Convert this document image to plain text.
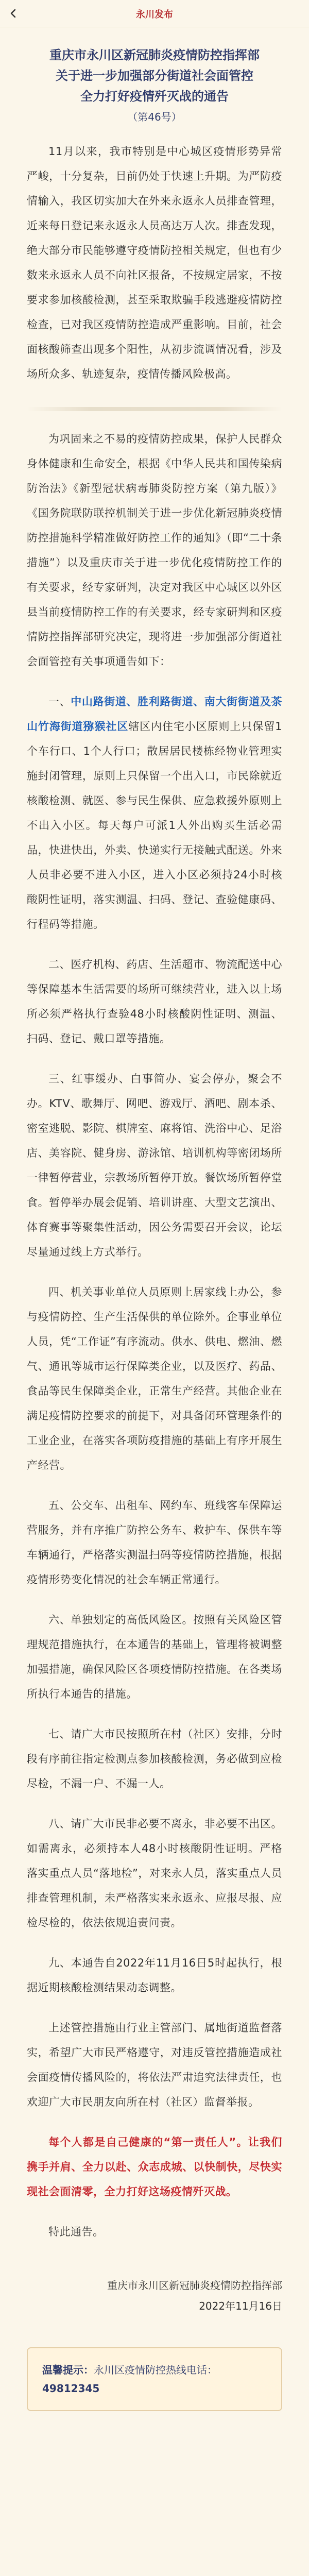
永川发布
重庆市永川区新冠肺炎疫情防控指挥部
关于进一步加强部分街道社会面管控
全力打好疫情歼灭战的通告
（第46号）

11月以来，我市特别是中心城区疫情形势异常严峻，十分复杂，目前仍处于快速上升期。为严防疫情输入，我区切实加大在外来永返永人员排查管理，近来每日登记来永返永人员高达万人次。排查发现，绝大部分市民能够遵守疫情防控相关规定，但也有少数来永返永人员不向社区报备，不按规定居家，不按要求参加核酸检测，甚至采取欺骗手段逃避疫情防控检查，已对我区疫情防控造成严重影响。目前，社会面核酸筛查出现多个阳性，从初步流调情况看，涉及场所众多、轨迹复杂，疫情传播风险极高。

为巩固来之不易的疫情防控成果，保护人民群众身体健康和生命安全，根据《中华人民共和国传染病防治法》《新型冠状病毒肺炎防控方案（第九版）》《国务院联防联控机制关于进一步优化新冠肺炎疫情防控措施科学精准做好防控工作的通知》（即“二十条措施”）以及重庆市关于进一步优化疫情防控工作的有关要求，经专家研判，决定对我区中心城区以外区县当前疫情防控工作的有关要求，经专家研判和区疫情防控指挥部研究决定，现将进一步加强部分街道社会面管控有关事项通告如下：

一、中山路街道、胜利路街道、南大街街道及茶山竹海街道猕猴社区辖区内住宅小区原则上只保留1个车行口、1个人行口；散居居民楼栋经物业管理实施封闭管理，原则上只保留一个出入口，市民除就近核酸检测、就医、参与民生保供、应急救援外原则上不出入小区。每天每户可派1人外出购买生活必需品，快进快出，外卖、快递实行无接触式配送。外来人员非必要不进入小区，进入小区必须持24小时核酸阴性证明，落实测温、扫码、登记、查验健康码、行程码等措施。

二、医疗机构、药店、生活超市、物流配送中心等保障基本生活需要的场所可继续营业，进入以上场所必须严格执行查验48小时核酸阴性证明、测温、扫码、登记、戴口罩等措施。

三、红事缓办、白事简办、宴会停办，聚会不办。KTV、歌舞厅、网吧、游戏厅、酒吧、剧本杀、密室逃脱、影院、棋牌室、麻将馆、洗浴中心、足浴店、美容院、健身房、游泳馆、培训机构等密闭场所一律暂停营业，宗教场所暂停开放。餐饮场所暂停堂食。暂停举办展会促销、培训讲座、大型文艺演出、体育赛事等聚集性活动，因公务需要召开会议，论坛尽量通过线上方式举行。

四、机关事业单位人员原则上居家线上办公，参与疫情防控、生产生活保供的单位除外。企事业单位人员，凭“工作证”有序流动。供水、供电、燃油、燃气、通讯等城市运行保障类企业，以及医疗、药品、食品等民生保障类企业，正常生产经营。其他企业在满足疫情防控要求的前提下，对具备闭环管理条件的工业企业，在落实各项防疫措施的基础上有序开展生产经营。

五、公交车、出租车、网约车、班线客车保障运营服务，并有序推广防控公务车、救护车、保供车等车辆通行，严格落实测温扫码等疫情防控措施，根据疫情形势变化情况的社会车辆正常通行。

六、单独划定的高低风险区。按照有关风险区管理规范措施执行，在本通告的基础上，管理将被调整加强措施，确保风险区各项疫情防控措施。在各类场所执行本通告的措施。

七、请广大市民按照所在村（社区）安排，分时段有序前往指定检测点参加核酸检测，务必做到应检尽检，不漏一户、不漏一人。

八、请广大市民非必要不离永，非必要不出区。如需离永，必须持本人48小时核酸阴性证明。严格落实重点人员“落地检”，对来永人员，落实重点人员排查管理机制，未严格落实来永返永、应报尽报、应检尽检的，依法依规追责问责。

九、本通告自2022年11月16日5时起执行，根据近期核酸检测结果动态调整。

上述管控措施由行业主管部门、属地街道监督落实，希望广大市民严格遵守，对违反管控措施造成社会面疫情传播风险的，将依法严肃追究法律责任，也欢迎广大市民朋友向所在村（社区）监督举报。

每个人都是自己健康的“第一责任人”。让我们携手并肩、全力以赴、众志成城、以快制快，尽快实现社会面清零，全力打好这场疫情歼灭战。

特此通告。

重庆市永川区新冠肺炎疫情防控指挥部
2022年11月16日
温馨提示：永川区疫情防控热线电话：49812345
